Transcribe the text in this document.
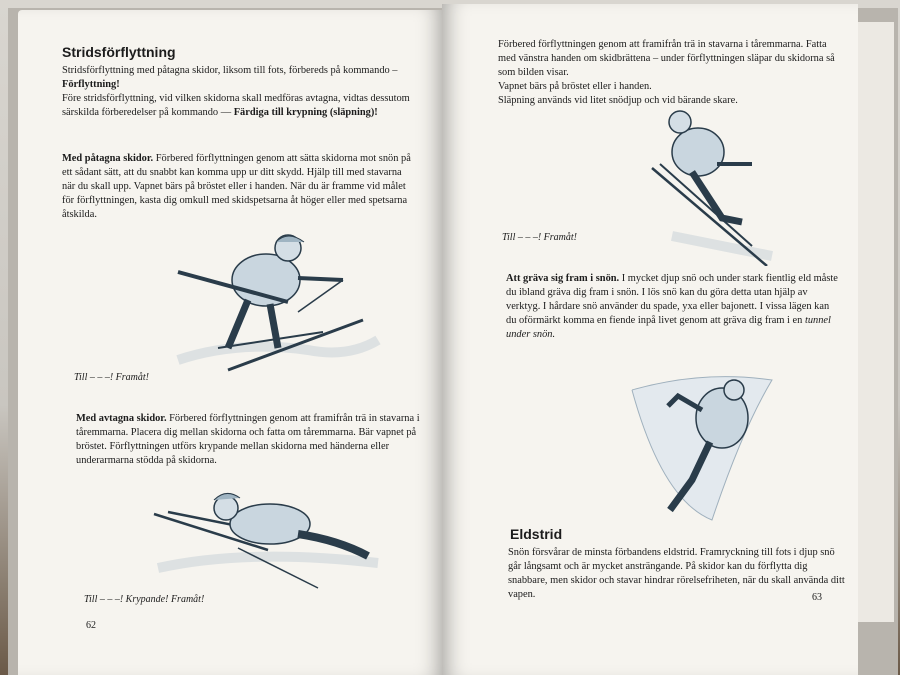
Stridsförflyttning

Stridsförflyttning med påtagna skidor, liksom till fots, förbereds på kommando – Förflyttning!

Före stridsförflyttning, vid vilken skidorna skall medföras avtagna, vidtas dessutom särskilda förberedelser på kommando — Färdiga till krypning (släpning)!

Med påtagna skidor. Förbered förflyttningen genom att sätta skidorna mot snön på ett sådant sätt, att du snabbt kan komma upp ur ditt skydd. Hjälp till med stavarna när du skall upp. Vapnet bärs på bröstet eller i handen. När du är framme vid målet för förflyttningen, kasta dig omkull med skidspetsarna åt höger eller med spetsarna åtskilda.

Till – – –! Framåt!

Med avtagna skidor. Förbered förflyttningen genom att framifrån trä in stavarna i tåremmarna. Placera dig mellan skidorna och fatta om tåremmarna. Bär vapnet på bröstet. Förflyttningen utförs krypande mellan skidorna med händerna eller underarmarna stödda på skidorna.

Till – – –! Krypande! Framåt!
62

Förbered förflyttningen genom att framifrån trä in stavarna i tåremmarna. Fatta med vänstra handen om skidbrättena – under förflyttningen släpar du skidorna så som bilden visar.

Vapnet bärs på bröstet eller i handen.

Släpning används vid litet snödjup och vid bärande skare.

Till – – –! Framåt!

Att gräva sig fram i snön. I mycket djup snö och under stark fientlig eld måste du ibland gräva dig fram i snön. I lös snö kan du göra detta utan hjälp av verktyg. I hårdare snö använder du spade, yxa eller bajonett. I vissa lägen kan du oförmärkt komma en fiende inpå livet genom att gräva dig fram i en tunnel under snön.

Eldstrid

Snön försvårar de minsta förbandens eldstrid. Framryckning till fots i djup snö går långsamt och är mycket ansträngande. På skidor kan du förflytta dig snabbare, men skidor och stavar hindrar rörelsefriheten, när du skall använda ditt vapen.	63
